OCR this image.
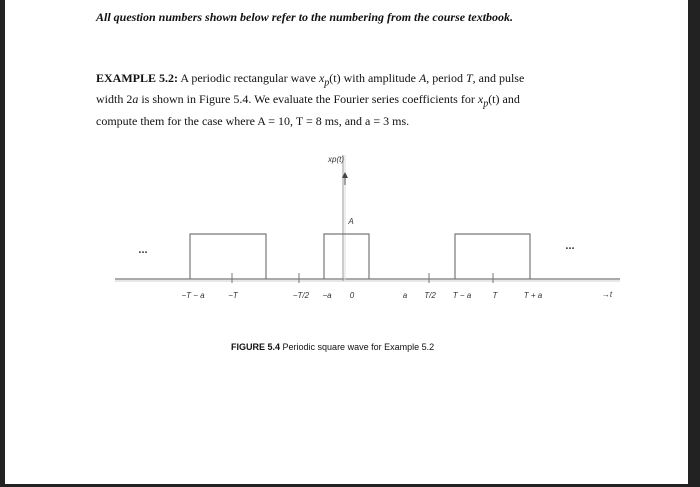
All question numbers shown below refer to the numbering from the course textbook.
EXAMPLE 5.2: A periodic rectangular wave $x_p(t)$ with amplitude A, period T, and pulse
width 2a is shown in Figure 5.4. We evaluate the Fourier series coefficients for $x_p(t)$ and
compute them for the case where A = 10, T = 8 ms, and a = 3 ms.
xp(t)
A
...	...
→t
−T − a	−T	−T/2 −a 0	a T/2 T − a	T	T + a
FIGURE 5.4 Periodic square wave for Example 5.2
